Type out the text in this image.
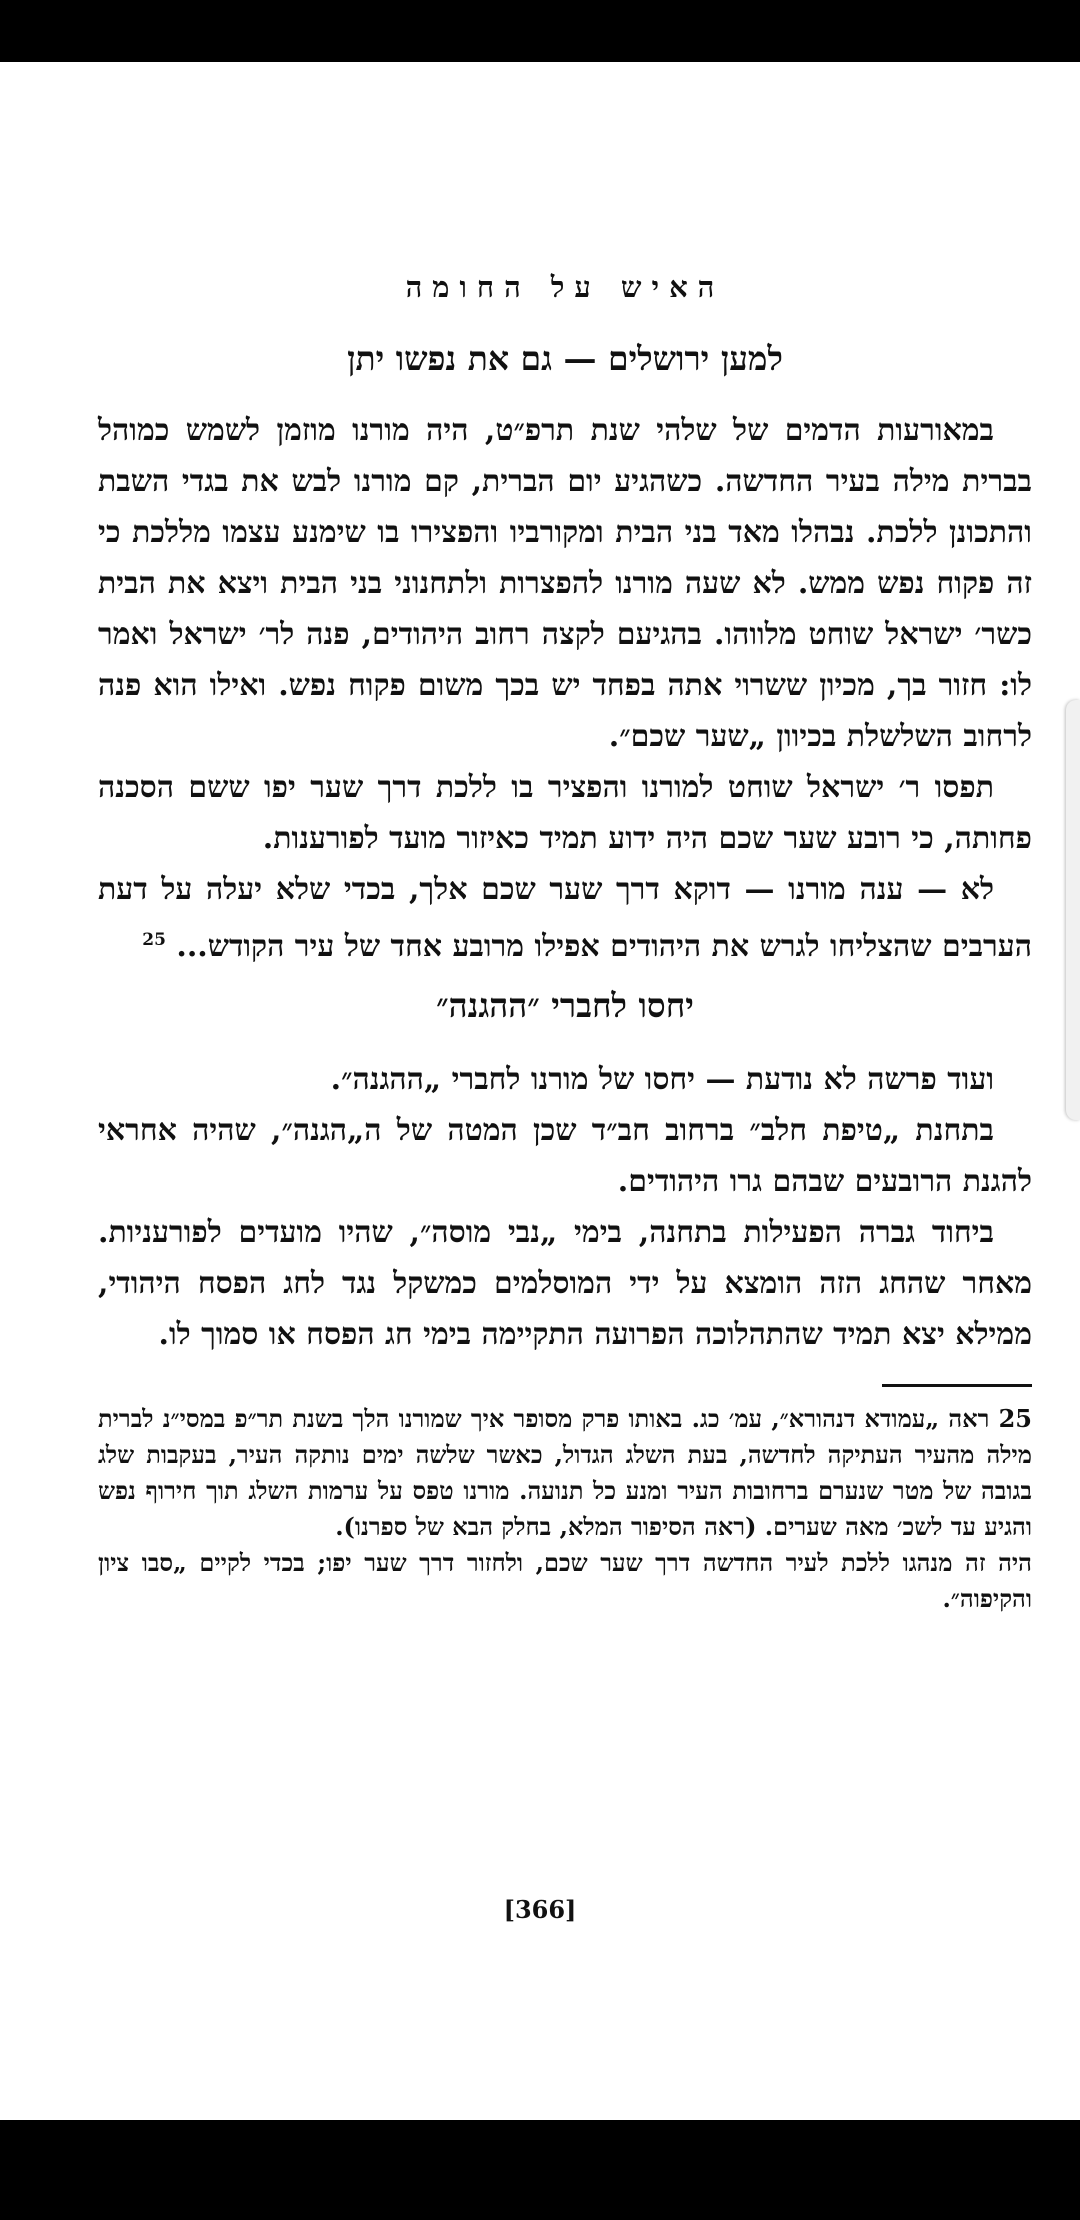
האיש על החומה
למען ירושלים — גם את נפשו יתן

במאורעות הדמים של שלהי שנת תרפ״ט, היה מורנו מוזמן לשמש כמוהל בברית מילה בעיר החדשה. כשהגיע יום הברית, קם מורנו לבש את בגדי השבת והתכונן ללכת. נבהלו מאד בני הבית ומקורביו והפצירו בו שימנע עצמו מללכת כי זה פקוח נפש ממש. לא שעה מורנו להפצרות ולתחנוני בני הבית ויצא את הבית כשר׳ ישראל שוחט מלווהו. בהגיעם לקצה רחוב היהודים, פנה לר׳ ישראל ואמר לו: חזור בך, מכיון ששרוי אתה בפחד יש בכך משום פקוח נפש. ואילו הוא פנה לרחוב השלשלת בכיוון „שער שכם״.

תפסו ר׳ ישראל שוחט למורנו והפציר בו ללכת דרך שער יפו ששם הסכנה פחותה, כי רובע שער שכם היה ידוע תמיד כאיזור מועד לפורענות.

לא — ענה מורנו — דוקא דרך שער שכם אלך, בכדי שלא יעלה על דעת הערבים שהצליחו לגרש את היהודים אפילו מרובע אחד של עיר הקודש... $^{25}$

יחסו לחברי ״ההגנה״

ועוד פרשה לא נודעת — יחסו של מורנו לחברי „ההגנה״.

בתחנת „טיפת חלב״ ברחוב חב״ד שכן המטה של ה„הגנה״, שהיה אחראי להגנת הרובעים שבהם גרו היהודים.

ביחוד גברה הפעילות בתחנה, בימי „נבי מוסה״, שהיו מועדים לפורעניות. מאחר שהחג הזה הומצא על ידי המוסלמים כמשקל נגד לחג הפסח היהודי, ממילא יצא תמיד שהתהלוכה הפרועה התקיימה בימי חג הפסח או סמוך לו.

25 ראה „עמודא דנהורא״, עמ׳ כג. באותו פרק מסופר איך שמורנו הלך בשנת תר״פ במסי״נ לברית מילה מהעיר העתיקה לחדשה, בעת השלג הגדול, כאשר שלשה ימים נותקה העיר, בעקבות שלג בגובה של מטר שנערם ברחובות העיר ומנע כל תנועה. מורנו טפס על ערמות השלג תוך חירוף נפש והגיע עד לשכ׳ מאה שערים. (ראה הסיפור המלא, בחלק הבא של ספרנו).

היה זה מנהגו ללכת לעיר החדשה דרך שער שכם, ולחזור דרך שער יפו; בכדי לקיים „סבו ציון והקיפוה״.

[366]
